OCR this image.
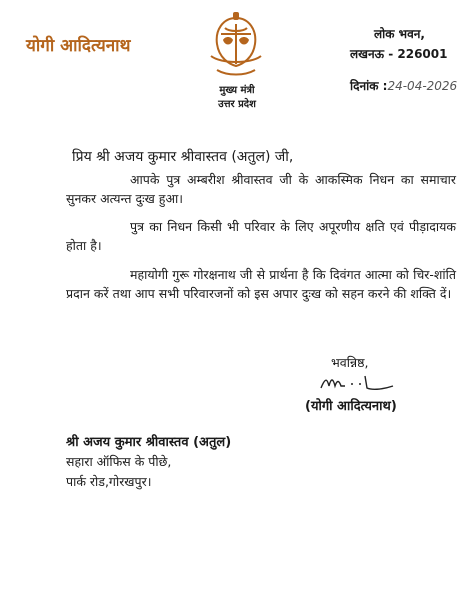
योगी आदित्यनाथ
मुख्य मंत्री
उत्तर प्रदेश
लोक भवन,
लखनऊ - 226001
दिनांक :24-04-2026
प्रिय श्री अजय कुमार श्रीवास्तव (अतुल) जी,
आपके पुत्र अम्बरीश श्रीवास्तव जी के आकस्मिक निधन का समाचार सुनकर अत्यन्त दुःख हुआ।
पुत्र का निधन किसी भी परिवार के लिए अपूरणीय क्षति एवं पीड़ादायक होता है।
महायोगी गुरू गोरक्षनाथ जी से प्रार्थना है कि दिवंगत आत्मा को चिर-शांति प्रदान करें तथा आप सभी परिवारजनों को इस अपार दुःख को सहन करने की शक्ति दें।
भवन्निष्ठ,
(योगी आदित्यनाथ)
श्री अजय कुमार श्रीवास्तव (अतुल)
सहारा ऑफिस के पीछे,
पार्क रोड,गोरखपुर।
